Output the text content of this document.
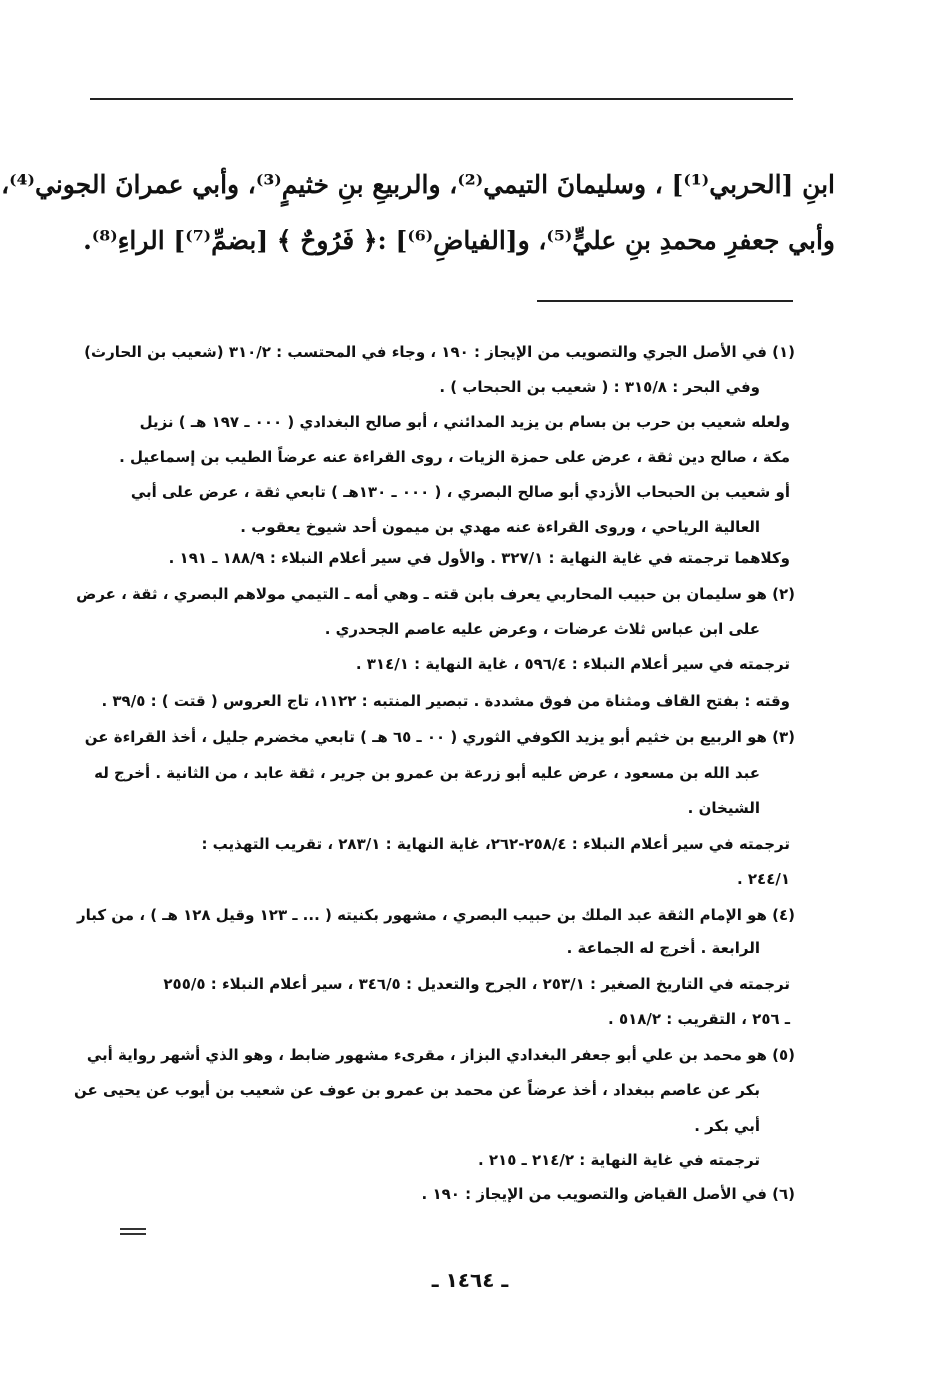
ابنِ [الحربي⁽¹⁾] ، وسليمانَ التيمي⁽²⁾، والربيعِ بنِ خثيمٍ⁽³⁾، وأبي عمرانَ الجوني⁽⁴⁾،
وأبي جعفرِ محمدِ بنِ عليٍّ⁽⁵⁾، و[الفياضِ⁽⁶⁾] :﴿ فَرُوحٌ ﴾ [بضمِّ⁽⁷⁾] الراءِ⁽⁸⁾.
(١) في الأصل الجري والتصويب من الإيجاز : ١٩٠ ، وجاء في المحتسب : ٣١٠/٢ (شعيب بن الحارث)
وفي البحر : ٣١٥/٨ : ( شعيب بن الحبحاب ) .
ولعله شعيب بن حرب بن بسام بن يزيد المدائني ، أبو صالح البغدادي ( ٠٠٠ ـ ١٩٧ هـ ) نزيل
مكة ، صالح دين ثقة ، عرض على حمزة الزيات ، روى القراءة عنه عرضاً الطيب بن إسماعيل .
أو شعيب بن الحبحاب الأزدي أبو صالح البصري ، ( ٠٠٠ ـ ١٣٠هـ ) تابعي ثقة ، عرض على أبي
العالية الرياحي ، وروى القراءة عنه مهدي بن ميمون أحد شيوخ يعقوب .
وكلاهما ترجمته في غاية النهاية : ٣٢٧/١ . والأول في سير أعلام النبلاء : ١٨٨/٩ ـ ١٩١ .
(٢) هو سليمان بن حبيب المحاربي يعرف بابن قته ـ وهي أمه ـ التيمي مولاهم البصري ، ثقة ، عرض
على ابن عباس ثلاث عرضات ، وعرض عليه عاصم الجحدري .
ترجمته في سير أعلام النبلاء : ٥٩٦/٤ ، غاية النهاية : ٣١٤/١ .
وقته : بفتح القاف ومثناة من فوق مشددة . تبصير المنتبه : ١١٢٢، تاج العروس ( قتت ) : ٣٩/٥ .
(٣) هو الربيع بن خثيم أبو يزيد الكوفي الثوري ( ٠٠ ـ ٦٥ هـ ) تابعي مخضرم جليل ، أخذ القراءة عن
عبد الله بن مسعود ، عرض عليه أبو زرعة بن عمرو بن جرير ، ثقة عابد ، من الثانية . أخرج له
الشيخان .
ترجمته في سير أعلام النبلاء : ٢٥٨/٤-٢٦٢، غاية النهاية : ٢٨٣/١ ، تقريب التهذيب :
٢٤٤/١ .
(٤) هو الإمام الثقة عبد الملك بن حبيب البصري ، مشهور بكنيته ( ... ـ ١٢٣ وقيل ١٢٨ هـ ) ، من كبار
الرابعة . أخرج له الجماعة .
ترجمته في التاريخ الصغير : ٢٥٣/١ ، الجرح والتعديل : ٣٤٦/٥ ، سير أعلام النبلاء : ٢٥٥/٥
ـ ٢٥٦ ، التقريب : ٥١٨/٢ .
(٥) هو محمد بن علي أبو جعفر البغدادي البزاز ، مقرىء مشهور ضابط ، وهو الذي أشهر رواية أبي
بكر عن عاصم ببغداد ، أخذ عرضاً عن محمد بن عمرو بن عوف عن شعيب بن أيوب عن يحيى عن
أبي بكر .
ترجمته في غاية النهاية : ٢١٤/٢ ـ ٢١٥ .
(٦) في الأصل القياض والتصويب من الإيجاز : ١٩٠ .
ـ ١٤٦٤ ـ
